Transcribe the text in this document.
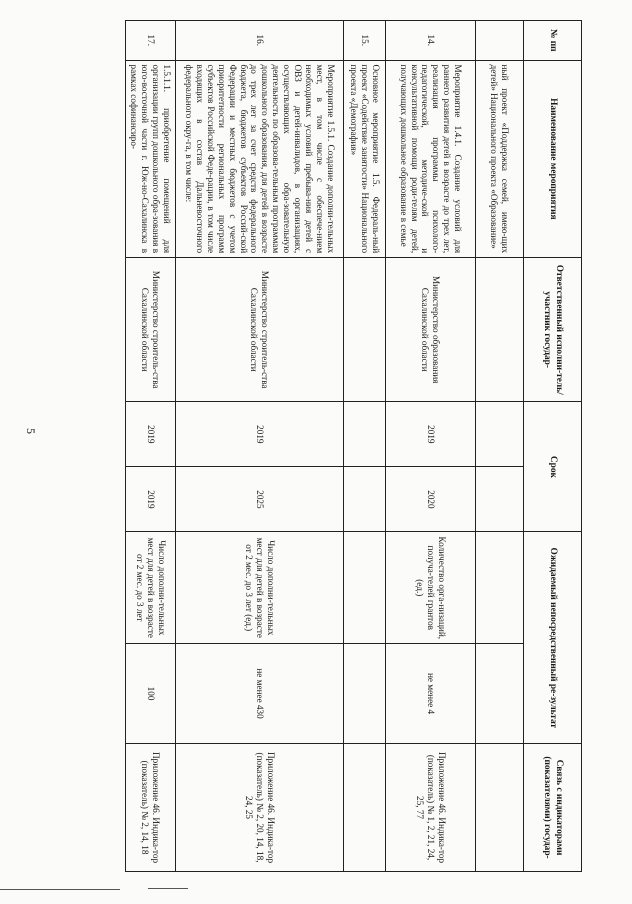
5
№ пп	Наименование мероприятия	Ответственный исполни-тель/участник государ-	Срок		Ожидаемый непосредственный ре-зультат		Связь с индикаторами (показателями) государ-
	ный проект «Поддержка семей, имею-щих детей» Национального проекта «Образование»						
14.	Мероприятие 1.4.1. Создание условий для раннего развития детей в возрасте до трех лет, реализация программы психолого-педагогической, методиче-ской и консультативной помощи роди-телям детей, получающих дошкольное образование в семье	Министерство образования Сахалинской области	2019	2020	Количество орга-низаций, получа-телей грантов (ед.)	не менее 4	Приложение 46. Индика-тор (показатель) № 1, 2, 21, 24, 25, 77
15.	Основное мероприятие 1.5. Федераль-ный проект «Содействие занятости» Национального проекта «Демография»						
16.	Мероприятие 1.5.1. Создание дополни-тельных мест, в том числе с обеспече-нием необходимых условий пребыва-ния детей с ОВЗ и детей-инвалидов, в организациях, осуществляющих обра-зовательную деятельность по образова-тельным программам дошкольного образования, для детей в возрасте до трех лет за счет средств федерального бюджета, бюджетов субъектов Россий-ской Федерации и местных бюджетов с учетом приоритетности региональных программ субъектов Российской Феде-рации, в том числе входящих в состав Дальневосточного федерального окру-га, в том числе:	Министерство строитель-ства Сахалинской области	2019	2025	Число дополни-тельных мест для детей в возрасте от 2 мес. до 3 лет (ед.)	не менее 430	Приложение 46. Индика-тор (показатель) № 2, 20, 14, 18, 24, 25
17.	1.5.1.1. приобретение помещений для организации групп дошкольного обра-зования в юго-восточной части г. Юж-но-Сахалинска в рамках софинансиро-	Министерство строитель-ства Сахалинской области	2019	2019	Число дополни-тельных мест для детей в возрасте от 2 мес. до 3 лет	100	Приложение 46. Индика-тор (показатель) № 2, 14, 18
